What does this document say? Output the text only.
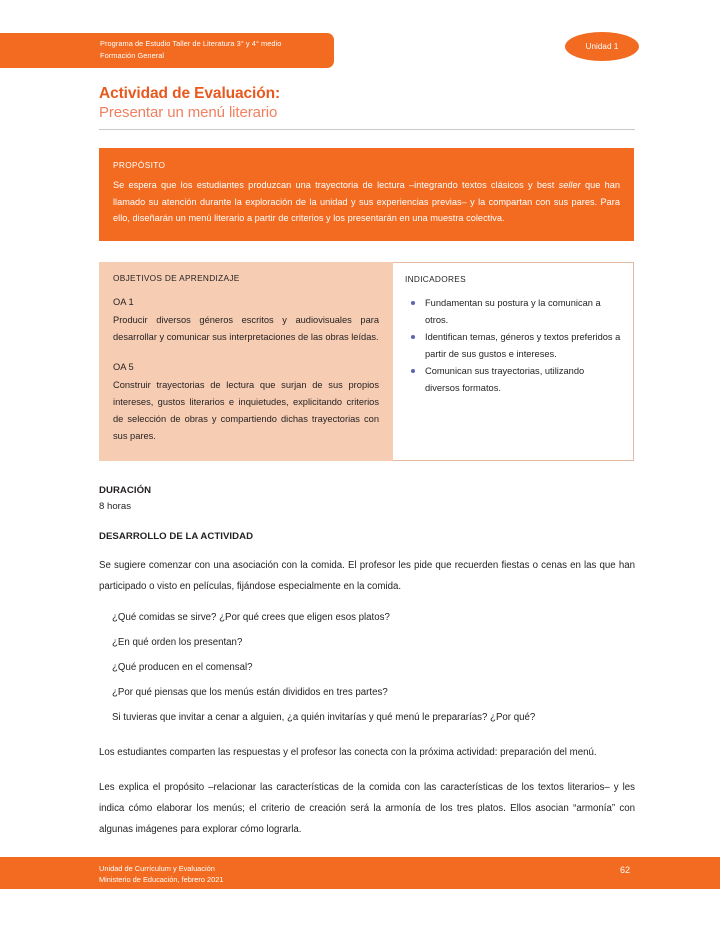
Programa de Estudio Taller de Literatura 3° y 4° medio
Formación General
Unidad 1
Actividad de Evaluación:
Presentar un menú literario
PROPÓSITO
Se espera que los estudiantes produzcan una trayectoria de lectura –integrando textos clásicos y best seller que han llamado su atención durante la exploración de la unidad y sus experiencias previas– y la compartan con sus pares. Para ello, diseñarán un menú literario a partir de criterios y los presentarán en una muestra colectiva.
OBJETIVOS DE APRENDIZAJE
OA 1
Producir diversos géneros escritos y audiovisuales para desarrollar y comunicar sus interpretaciones de las obras leídas.
OA 5
Construir trayectorias de lectura que surjan de sus propios intereses, gustos literarios e inquietudes, explicitando criterios de selección de obras y compartiendo dichas trayectorias con sus pares.
INDICADORES
Fundamentan su postura y la comunican a otros.
Identifican temas, géneros y textos preferidos a partir de sus gustos e intereses.
Comunican sus trayectorias, utilizando diversos formatos.
DURACIÓN
8 horas
DESARROLLO DE LA ACTIVIDAD
Se sugiere comenzar con una asociación con la comida. El profesor les pide que recuerden fiestas o cenas en las que han participado o visto en películas, fijándose especialmente en la comida.
¿Qué comidas se sirve? ¿Por qué crees que eligen esos platos?
¿En qué orden los presentan?
¿Qué producen en el comensal?
¿Por qué piensas que los menús están divididos en tres partes?
Si tuvieras que invitar a cenar a alguien, ¿a quién invitarías y qué menú le prepararías? ¿Por qué?
Los estudiantes comparten las respuestas y el profesor las conecta con la próxima actividad: preparación del menú.
Les explica el propósito –relacionar las características de la comida con las características de los textos literarios– y les indica cómo elaborar los menús; el criterio de creación será la armonía de los tres platos. Ellos asocian “armonía” con algunas imágenes para explorar cómo lograrla.
Unidad de Currículum y Evaluación
Ministerio de Educación, febrero 2021
62
